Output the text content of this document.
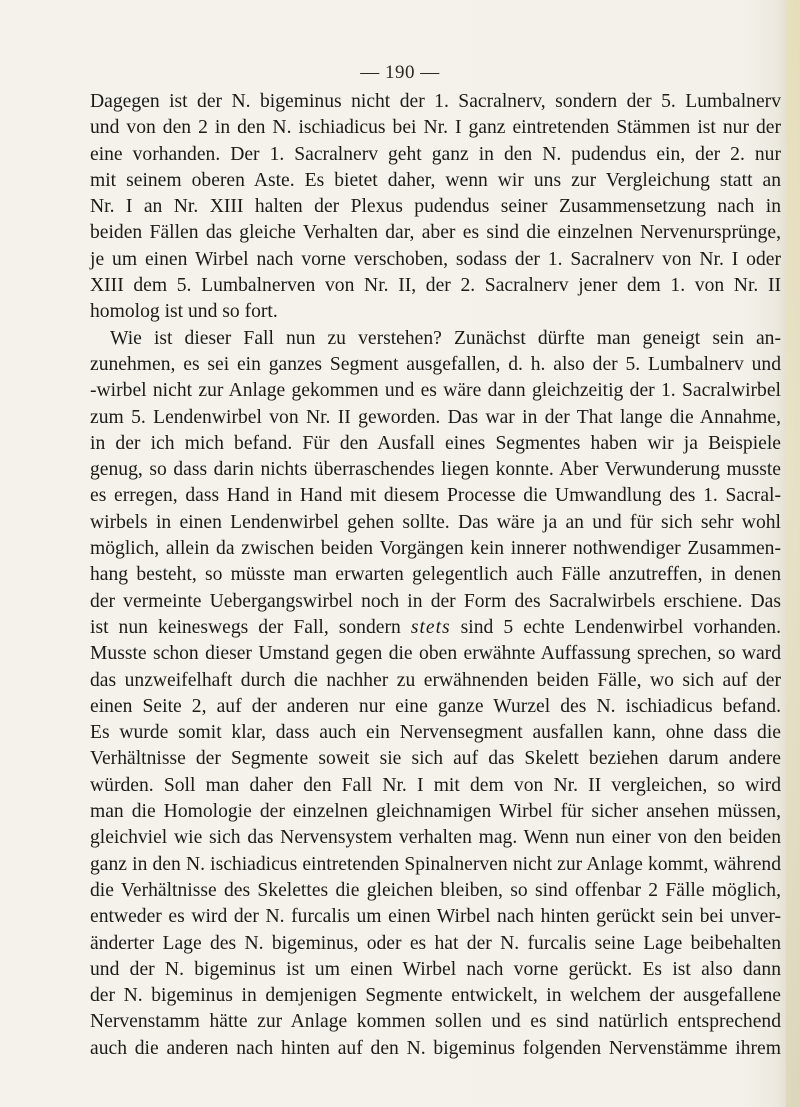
— 190 —
Dagegen ist der N. bigeminus nicht der 1. Sacralnerv, sondern der 5. Lumbalnerv
und von den 2 in den N. ischiadicus bei Nr. I ganz eintretenden Stämmen ist nur der
eine vorhanden. Der 1. Sacralnerv geht ganz in den N. pudendus ein, der 2. nur
mit seinem oberen Aste. Es bietet daher, wenn wir uns zur Vergleichung statt an
Nr. I an Nr. XIII halten der Plexus pudendus seiner Zusammensetzung nach in
beiden Fällen das gleiche Verhalten dar, aber es sind die einzelnen Nervenursprünge,
je um einen Wirbel nach vorne verschoben, sodass der 1. Sacralnerv von Nr. I oder
XIII dem 5. Lumbalnerven von Nr. II, der 2. Sacralnerv jener dem 1. von Nr. II
homolog ist und so fort.
Wie ist dieser Fall nun zu verstehen? Zunächst dürfte man geneigt sein an-
zunehmen, es sei ein ganzes Segment ausgefallen, d. h. also der 5. Lumbalnerv und
-wirbel nicht zur Anlage gekommen und es wäre dann gleichzeitig der 1. Sacralwirbel
zum 5. Lendenwirbel von Nr. II geworden. Das war in der That lange die Annahme,
in der ich mich befand. Für den Ausfall eines Segmentes haben wir ja Beispiele
genug, so dass darin nichts überraschendes liegen konnte. Aber Verwunderung musste
es erregen, dass Hand in Hand mit diesem Processe die Umwandlung des 1. Sacral-
wirbels in einen Lendenwirbel gehen sollte. Das wäre ja an und für sich sehr wohl
möglich, allein da zwischen beiden Vorgängen kein innerer nothwendiger Zusammen-
hang besteht, so müsste man erwarten gelegentlich auch Fälle anzutreffen, in denen
der vermeinte Uebergangswirbel noch in der Form des Sacralwirbels erschiene. Das
ist nun keineswegs der Fall, sondern stets sind 5 echte Lendenwirbel vorhanden.
Musste schon dieser Umstand gegen die oben erwähnte Auffassung sprechen, so ward
das unzweifelhaft durch die nachher zu erwähnenden beiden Fälle, wo sich auf der
einen Seite 2, auf der anderen nur eine ganze Wurzel des N. ischiadicus befand.
Es wurde somit klar, dass auch ein Nervensegment ausfallen kann, ohne dass die
Verhältnisse der Segmente soweit sie sich auf das Skelett beziehen darum andere
würden. Soll man daher den Fall Nr. I mit dem von Nr. II vergleichen, so wird
man die Homologie der einzelnen gleichnamigen Wirbel für sicher ansehen müssen,
gleichviel wie sich das Nervensystem verhalten mag. Wenn nun einer von den beiden
ganz in den N. ischiadicus eintretenden Spinalnerven nicht zur Anlage kommt, während
die Verhältnisse des Skelettes die gleichen bleiben, so sind offenbar 2 Fälle möglich,
entweder es wird der N. furcalis um einen Wirbel nach hinten gerückt sein bei unver-
änderter Lage des N. bigeminus, oder es hat der N. furcalis seine Lage beibehalten
und der N. bigeminus ist um einen Wirbel nach vorne gerückt. Es ist also dann
der N. bigeminus in demjenigen Segmente entwickelt, in welchem der ausgefallene
Nervenstamm hätte zur Anlage kommen sollen und es sind natürlich entsprechend
auch die anderen nach hinten auf den N. bigeminus folgenden Nervenstämme ihrem
